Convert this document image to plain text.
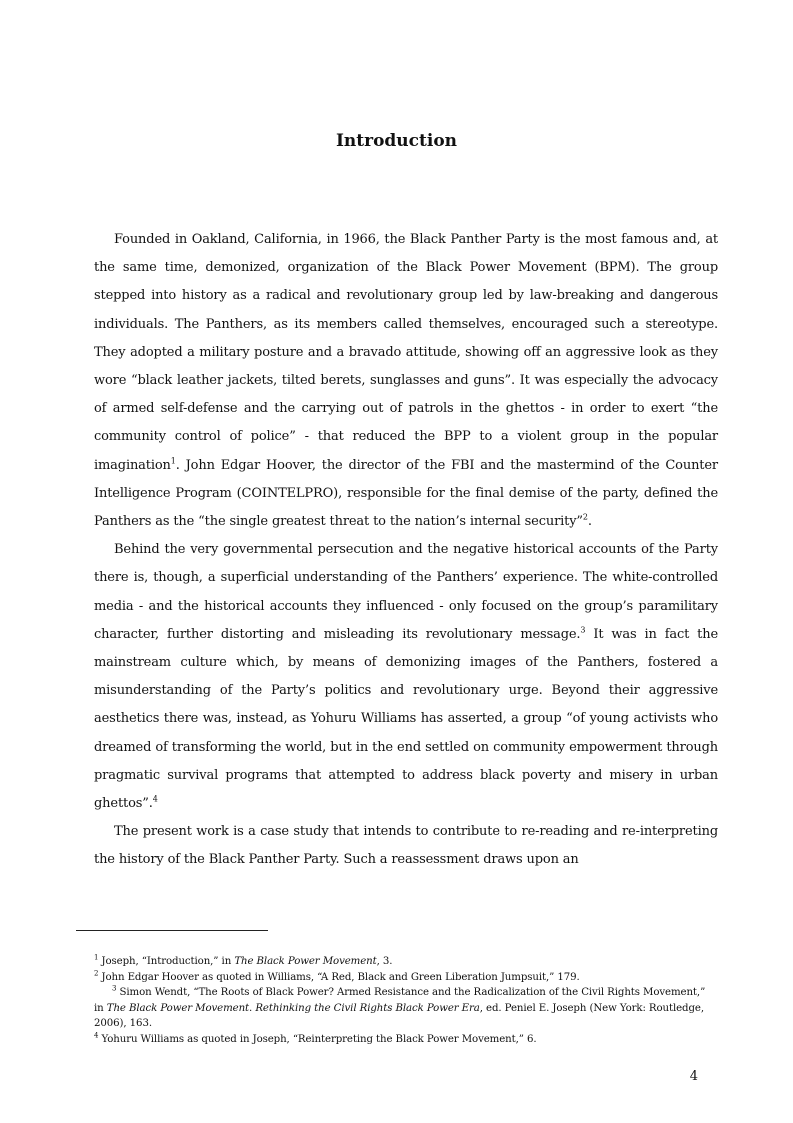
Introduction

Founded in Oakland, California, in 1966, the Black Panther Party is the most famous and, at the same time, demonized, organization of the Black Power Movement (BPM). The group stepped into history as a radical and revolutionary group led by law-breaking and dangerous individuals. The Panthers, as its members called themselves, encouraged such a stereotype. They adopted a military posture and a bravado attitude, showing off an aggressive look as they wore “black leather jackets, tilted berets, sunglasses and guns”. It was especially the advocacy of armed self-defense and the carrying out of patrols in the ghettos - in order to exert “the community control of police” - that reduced the BPP to a violent group in the popular imagination$^1$. John Edgar Hoover, the director of the FBI and the mastermind of the Counter Intelligence Program (COINTELPRO), responsible for the final demise of the party, defined the Panthers as the “the single greatest threat to the nation’s internal security”$^2$.

Behind the very governmental persecution and the negative historical accounts of the Party there is, though, a superficial understanding of the Panthers’ experience. The white-controlled media - and the historical accounts they influenced - only focused on the group’s paramilitary character, further distorting and misleading its revolutionary message.$^3$ It was in fact the mainstream culture which, by means of demonizing images of the Panthers, fostered a misunderstanding of the Party’s politics and revolutionary urge. Beyond their aggressive aesthetics there was, instead, as Yohuru Williams has asserted, a group “of young activists who dreamed of transforming the world, but in the end settled on community empowerment through pragmatic survival programs that attempted to address black poverty and misery in urban ghettos”.$^4$

The present work is a case study that intends to contribute to re-reading and re-interpreting the history of the Black Panther Party. Such a reassessment draws upon an

$^1$ Joseph, “Introduction,” in The Black Power Movement, 3.

$^2$ John Edgar Hoover as quoted in Williams, “A Red, Black and Green Liberation Jumpsuit,” 179.

$^3$ Simon Wendt, “The Roots of Black Power? Armed Resistance and the Radicalization of the Civil Rights Movement,” in The Black Power Movement. Rethinking the Civil Rights Black Power Era, ed. Peniel E. Joseph (New York: Routledge, 2006), 163.

$^4$ Yohuru Williams as quoted in Joseph, “Reinterpreting the Black Power Movement,” 6.

4
